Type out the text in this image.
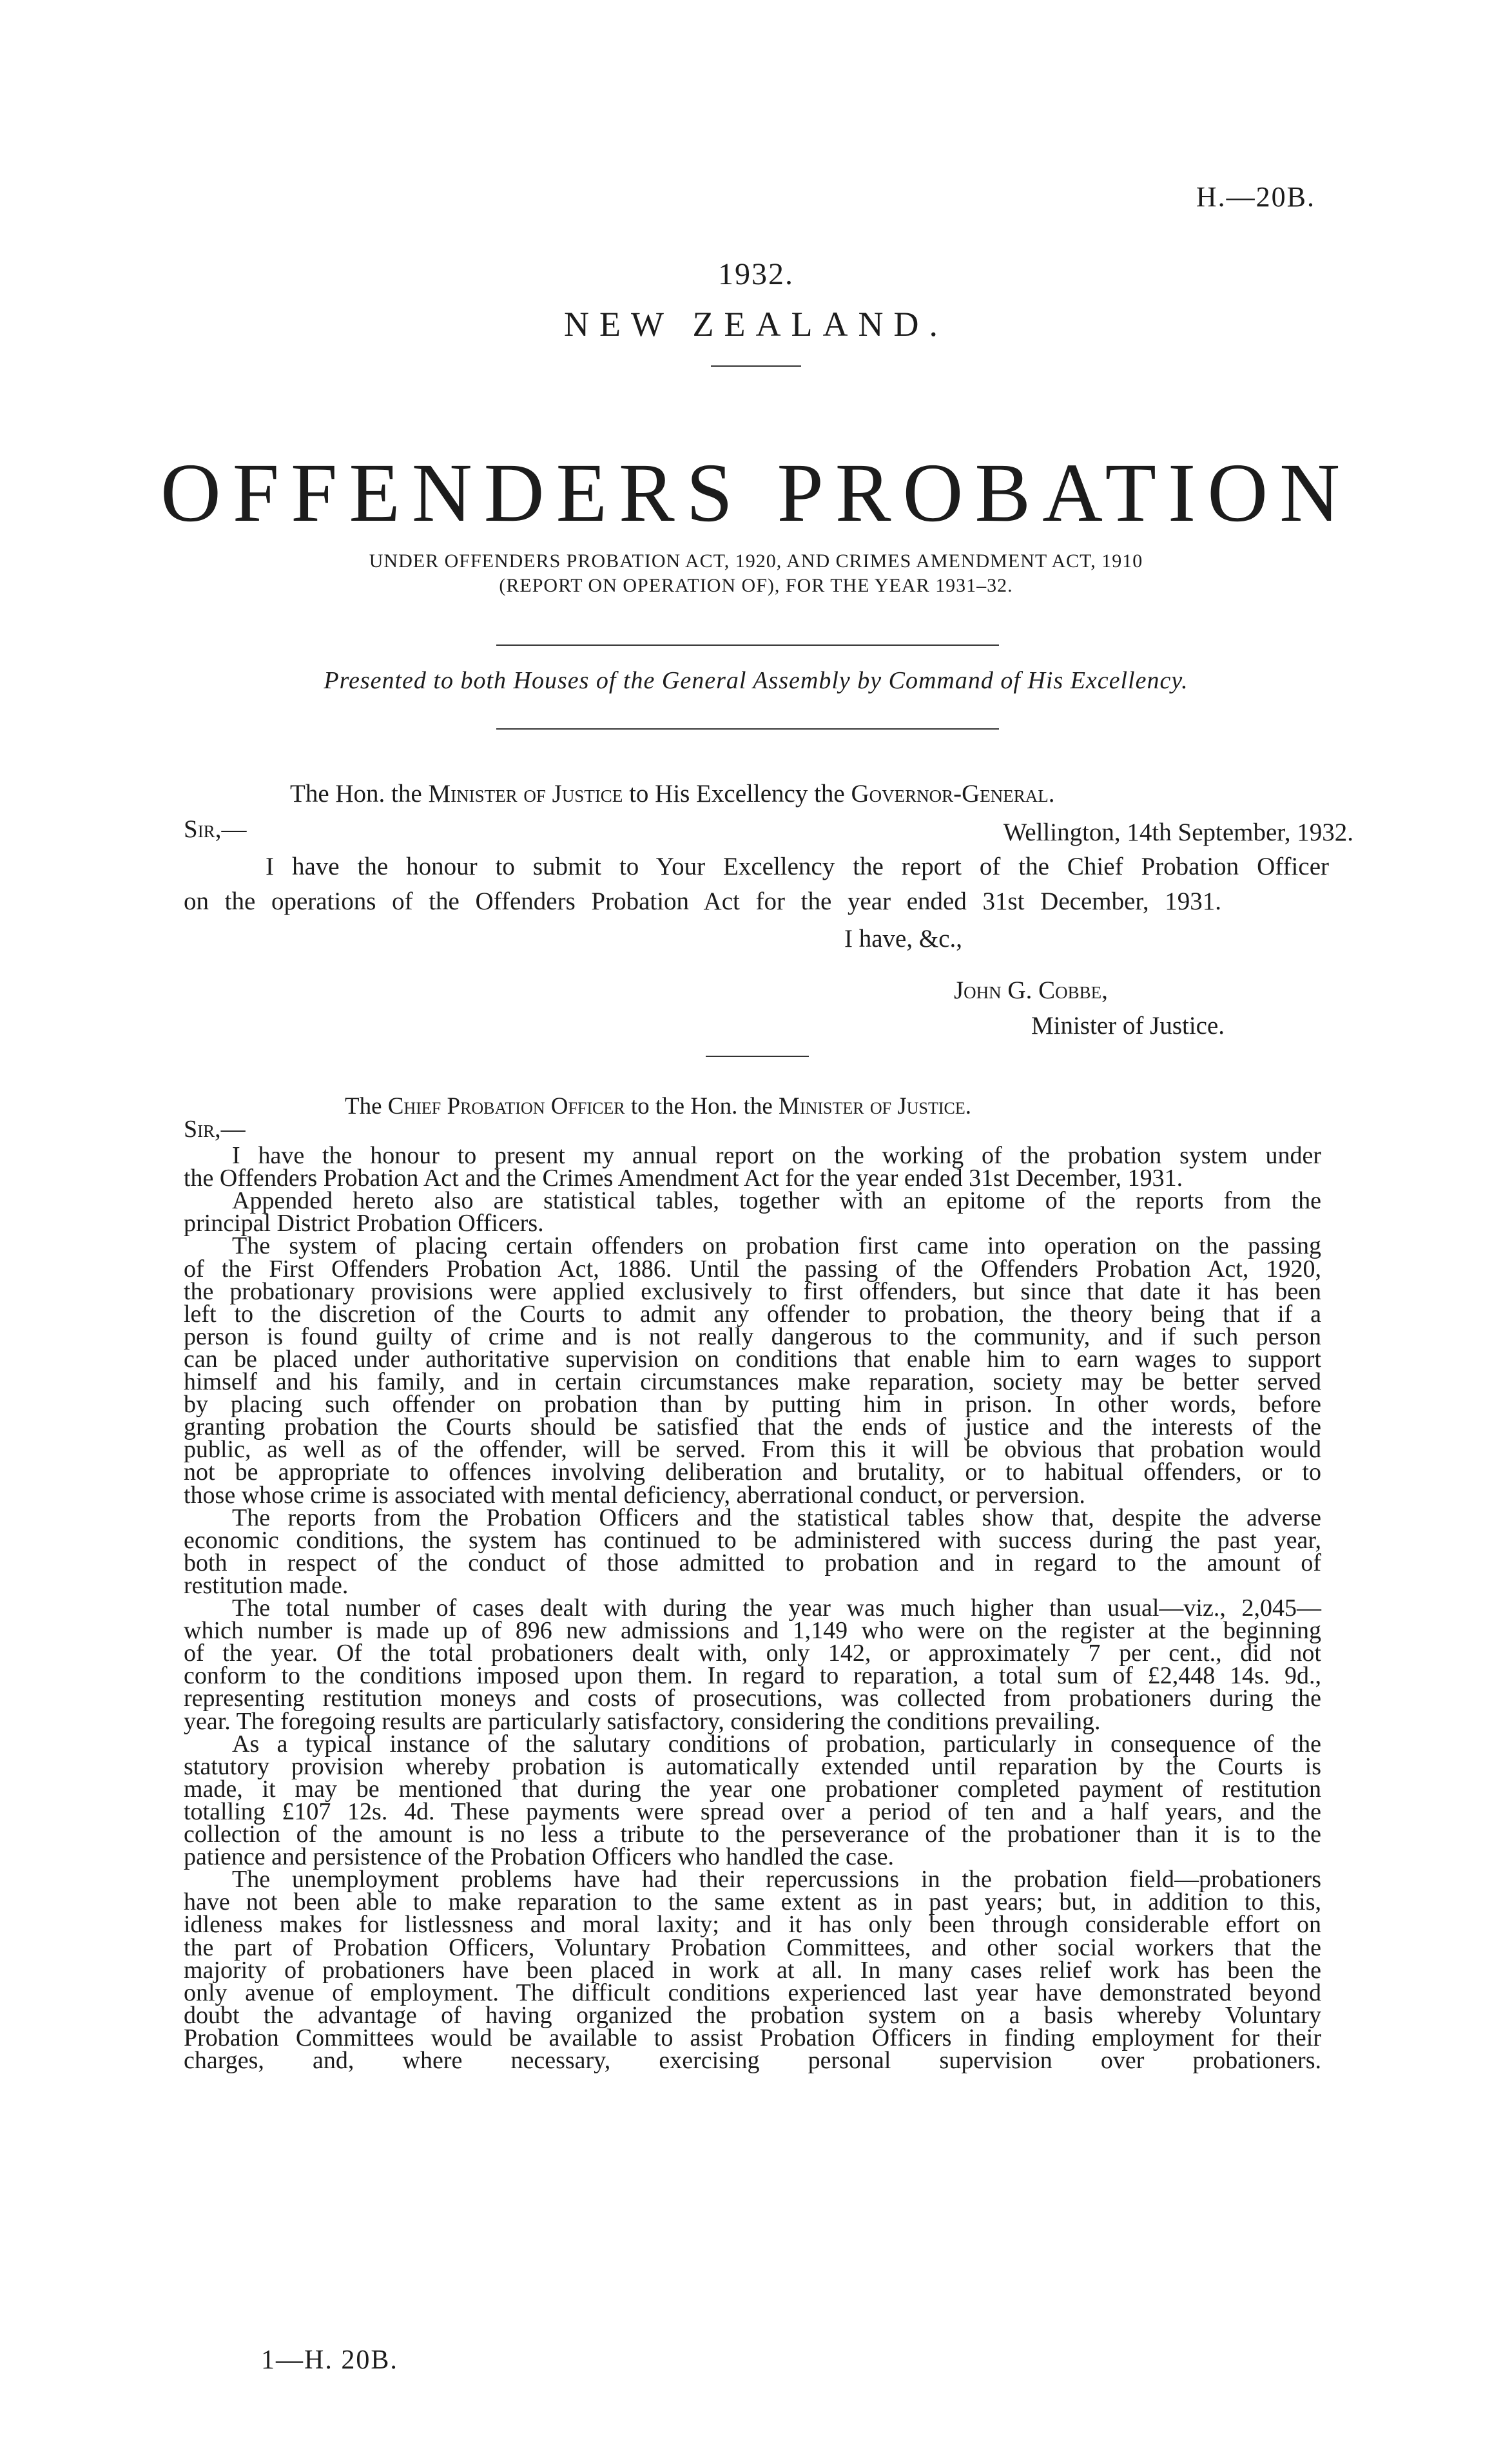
H.—20B.
1932.
NEW ZEALAND.
OFFENDERS PROBATION
UNDER OFFENDERS PROBATION ACT, 1920, AND CRIMES AMENDMENT ACT, 1910
(REPORT ON OPERATION OF), FOR THE YEAR 1931–32.
Presented to both Houses of the General Assembly by Command of His Excellency.
The Hon. the Minister of Justice to His Excellency the Governor-General.
Sir,—	Wellington, 14th September, 1932.
I have the honour to submit to Your Excellency the report of the Chief Probation Officer
on the operations of the Offenders Probation Act for the year ended 31st December, 1931.
I have, &c.,
John G. Cobbe,
Minister of Justice.
The Chief Probation Officer to the Hon. the Minister of Justice.
Sir,—
I have the honour to present my annual report on the working of the probation system under
the Offenders Probation Act and the Crimes Amendment Act for the year ended 31st December, 1931.
Appended hereto also are statistical tables, together with an epitome of the reports from the
principal District Probation Officers.
The system of placing certain offenders on probation first came into operation on the passing
of the First Offenders Probation Act, 1886. Until the passing of the Offenders Probation Act, 1920,
the probationary provisions were applied exclusively to first offenders, but since that date it has been
left to the discretion of the Courts to admit any offender to probation, the theory being that if a
person is found guilty of crime and is not really dangerous to the community, and if such person
can be placed under authoritative supervision on conditions that enable him to earn wages to support
himself and his family, and in certain circumstances make reparation, society may be better served
by placing such offender on probation than by putting him in prison. In other words, before
granting probation the Courts should be satisfied that the ends of justice and the interests of the
public, as well as of the offender, will be served. From this it will be obvious that probation would
not be appropriate to offences involving deliberation and brutality, or to habitual offenders, or to
those whose crime is associated with mental deficiency, aberrational conduct, or perversion.
The reports from the Probation Officers and the statistical tables show that, despite the adverse
economic conditions, the system has continued to be administered with success during the past year,
both in respect of the conduct of those admitted to probation and in regard to the amount of
restitution made.
The total number of cases dealt with during the year was much higher than usual—viz., 2,045—
which number is made up of 896 new admissions and 1,149 who were on the register at the beginning
of the year. Of the total probationers dealt with, only 142, or approximately 7 per cent., did not
conform to the conditions imposed upon them. In regard to reparation, a total sum of £2,448 14s. 9d.,
representing restitution moneys and costs of prosecutions, was collected from probationers during the
year. The foregoing results are particularly satisfactory, considering the conditions prevailing.
As a typical instance of the salutary conditions of probation, particularly in consequence of the
statutory provision whereby probation is automatically extended until reparation by the Courts is
made, it may be mentioned that during the year one probationer completed payment of restitution
totalling £107 12s. 4d. These payments were spread over a period of ten and a half years, and the
collection of the amount is no less a tribute to the perseverance of the probationer than it is to the
patience and persistence of the Probation Officers who handled the case.
The unemployment problems have had their repercussions in the probation field—probationers
have not been able to make reparation to the same extent as in past years; but, in addition to this,
idleness makes for listlessness and moral laxity; and it has only been through considerable effort on
the part of Probation Officers, Voluntary Probation Committees, and other social workers that the
majority of probationers have been placed in work at all. In many cases relief work has been the
only avenue of employment. The difficult conditions experienced last year have demonstrated beyond
doubt the advantage of having organized the probation system on a basis whereby Voluntary
Probation Committees would be available to assist Probation Officers in finding employment for their
charges, and, where necessary, exercising personal supervision over probationers.
1—H. 20B.
